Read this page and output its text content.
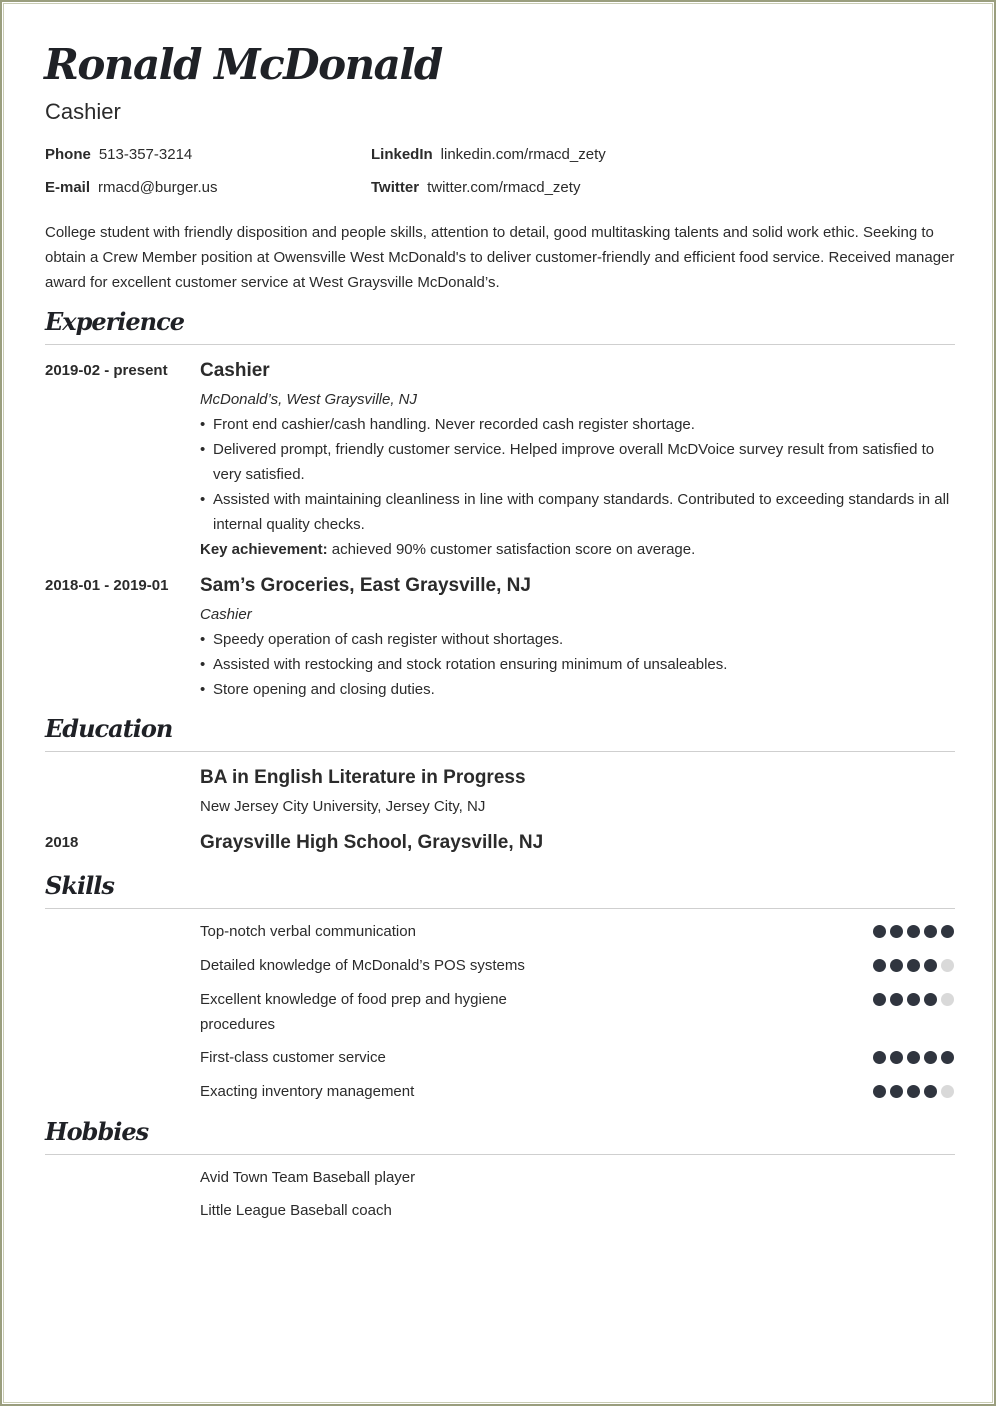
Ronald McDonald
Cashier
Phone 513-357-3214	LinkedIn linkedin.com/rmacd_zety
E-mail rmacd@burger.us	Twitter twitter.com/rmacd_zety
College student with friendly disposition and people skills, attention to detail, good multitasking talents and solid work ethic. Seeking to obtain a Crew Member position at Owensville West McDonald's to deliver customer-friendly and efficient food service. Received manager award for excellent customer service at West Graysville McDonald’s.
Experience
2019-02 - present Cashier
McDonald’s, West Graysville, NJ
• Front end cashier/cash handling. Never recorded cash register shortage.
• Delivered prompt, friendly customer service. Helped improve overall McDVoice survey result from satisfied to very satisfied.
• Assisted with maintaining cleanliness in line with company standards. Contributed to exceeding standards in all internal quality checks.
Key achievement: achieved 90% customer satisfaction score on average.
2018-01 - 2019-01 Sam’s Groceries, East Graysville, NJ
Cashier
• Speedy operation of cash register without shortages.
• Assisted with restocking and stock rotation ensuring minimum of unsaleables.
• Store opening and closing duties.
Education
BA in English Literature in Progress
New Jersey City University, Jersey City, NJ
2018	Graysville High School, Graysville, NJ
Skills
Top-notch verbal communication
Detailed knowledge of McDonald’s POS systems
Excellent knowledge of food prep and hygiene procedures
First-class customer service
Exacting inventory management
Hobbies
Avid Town Team Baseball player
Little League Baseball coach
